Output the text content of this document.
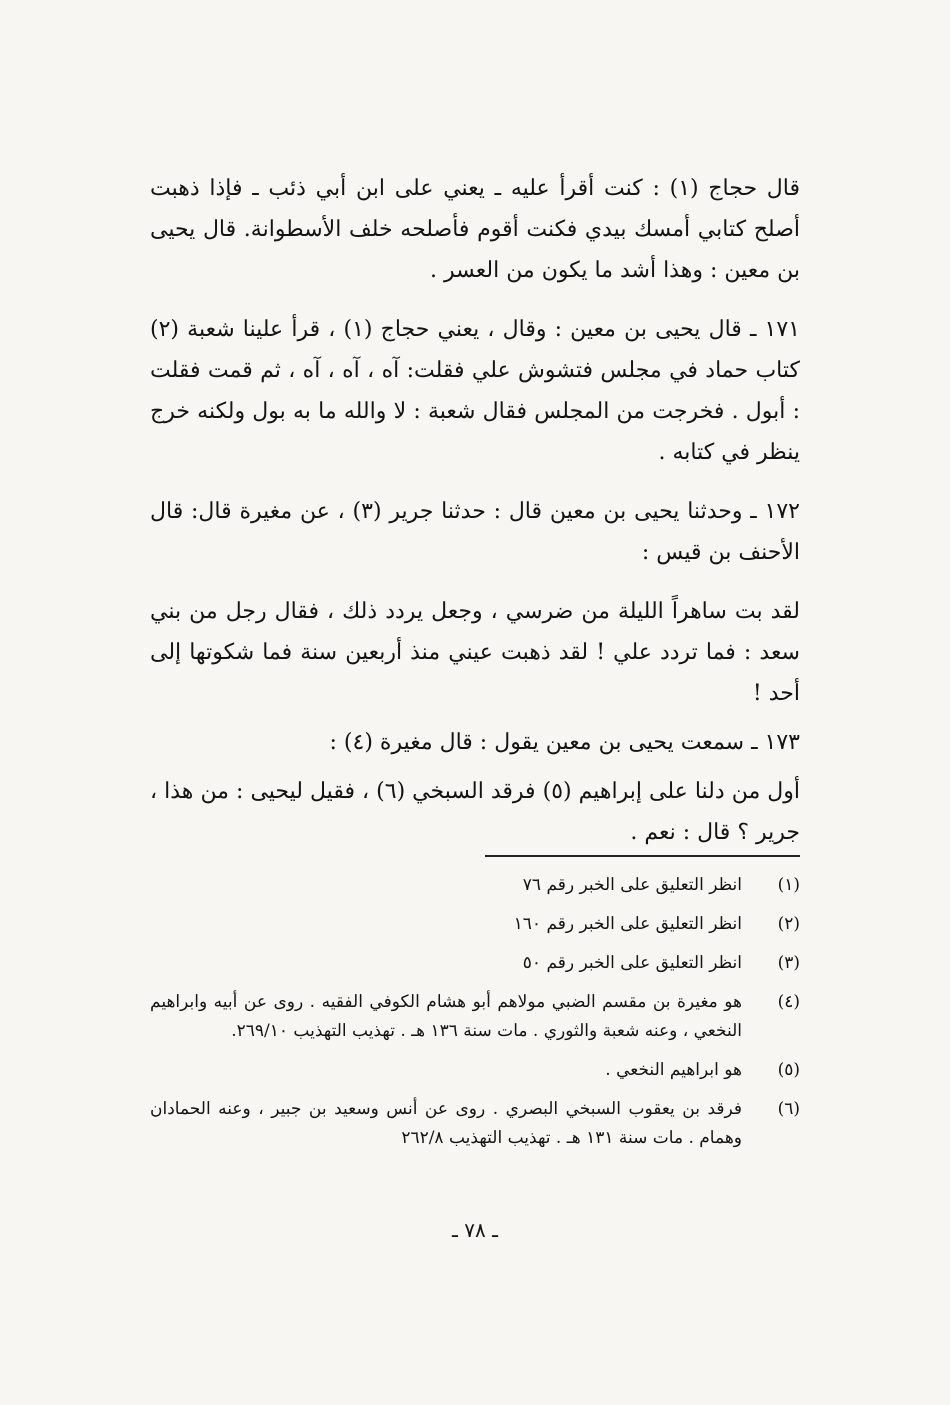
قال حجاج (١) : كنت أقرأ عليه ـ يعني على ابن أبي ذئب ـ فإذا ذهبت أصلح كتابي أمسك بيدي فكنت أقوم فأصلحه خلف الأسطوانة. قال يحيى بن معين : وهذا أشد ما يكون من العسر .

١٧١ ـ قال يحيى بن معين : وقال ، يعني حجاج (١) ، قرأ علينا شعبة (٢) كتاب حماد في مجلس فتشوش علي فقلت: آه ، آه ، آه ، ثم قمت فقلت : أبول . فخرجت من المجلس فقال شعبة : لا والله ما به بول ولكنه خرج ينظر في كتابه .

١٧٢ ـ وحدثنا يحيى بن معين قال : حدثنا جرير (٣) ، عن مغيرة قال: قال الأحنف بن قيس :

لقد بت ساهراً الليلة من ضرسي ، وجعل يردد ذلك ، فقال رجل من بني سعد : فما تردد علي ! لقد ذهبت عيني منذ أربعين سنة فما شكوتها إلى أحد !

١٧٣ ـ سمعت يحيى بن معين يقول : قال مغيرة (٤) :

أول من دلنا على إبراهيم (٥) فرقد السبخي (٦) ، فقيل ليحيى : من هذا ، جرير ؟ قال : نعم .

(١)
انظر التعليق على الخبر رقم ٧٦
(٢)
انظر التعليق على الخبر رقم ١٦٠
(٣)
انظر التعليق على الخبر رقم ٥٠
(٤)
هو مغيرة بن مقسم الضبي مولاهم أبو هشام الكوفي الفقيه . روى عن أبيه وابراهيم النخعي ، وعنه شعبة والثوري . مات سنة ١٣٦ هـ . تهذيب التهذيب ٢٦٩/١٠.
(٥)
هو ابراهيم النخعي .
(٦)
فرقد بن يعقوب السبخي البصري . روى عن أنس وسعيد بن جبير ، وعنه الحمادان وهمام . مات سنة ١٣١ هـ . تهذيب التهذيب ٢٦٢/٨
ـ ٧٨ ـ
